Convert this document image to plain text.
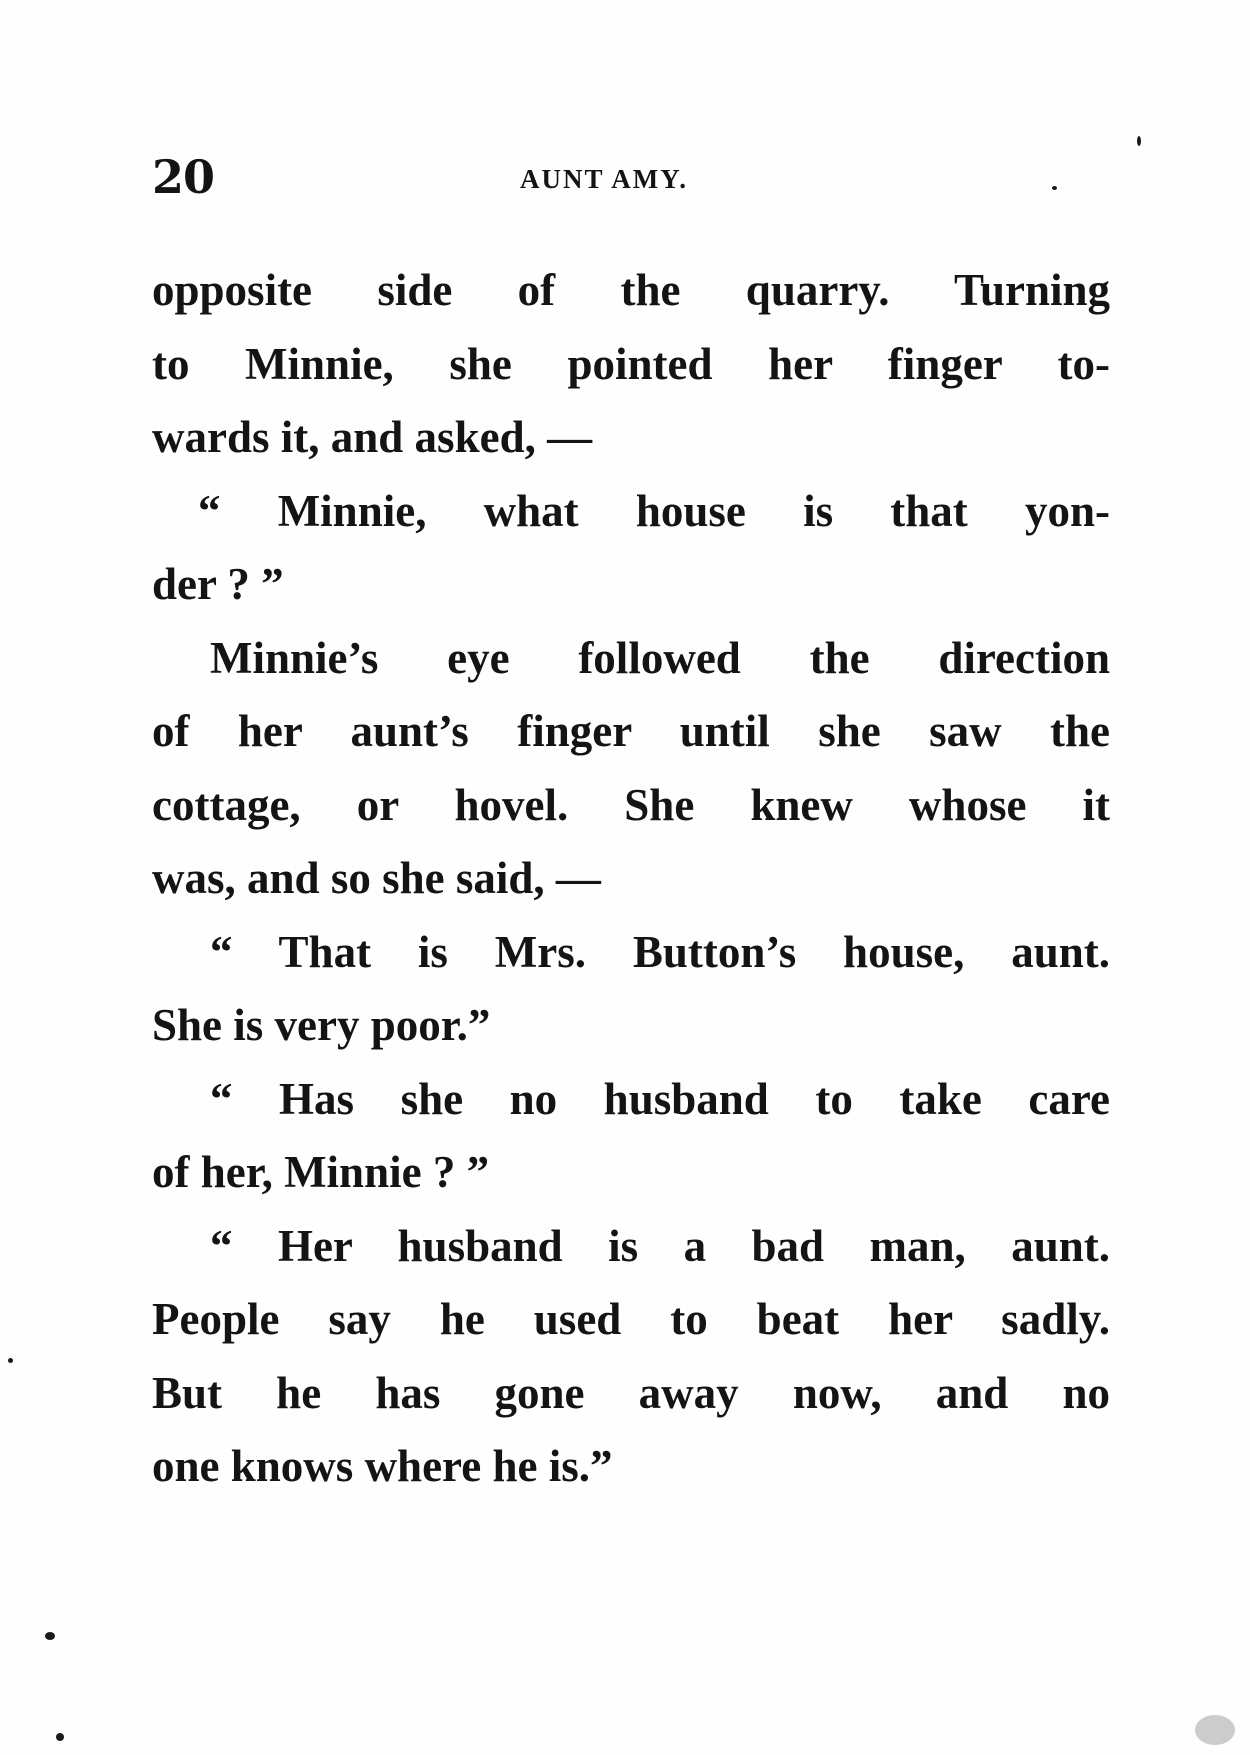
20	AUNT AMY.
opposite side of the quarry. Turning
to Minnie, she pointed her finger to-
wards it, and asked, —
“ Minnie, what house is that yon-
der ? ”
Minnie’s eye followed the direction
of her aunt’s finger until she saw the
cottage, or hovel. She knew whose it
was, and so she said, —
“ That is Mrs. Button’s house, aunt.
She is very poor.”
“ Has she no husband to take care
of her, Minnie ? ”
“ Her husband is a bad man, aunt.
People say he used to beat her sadly.
But he has gone away now, and no
one knows where he is.”
